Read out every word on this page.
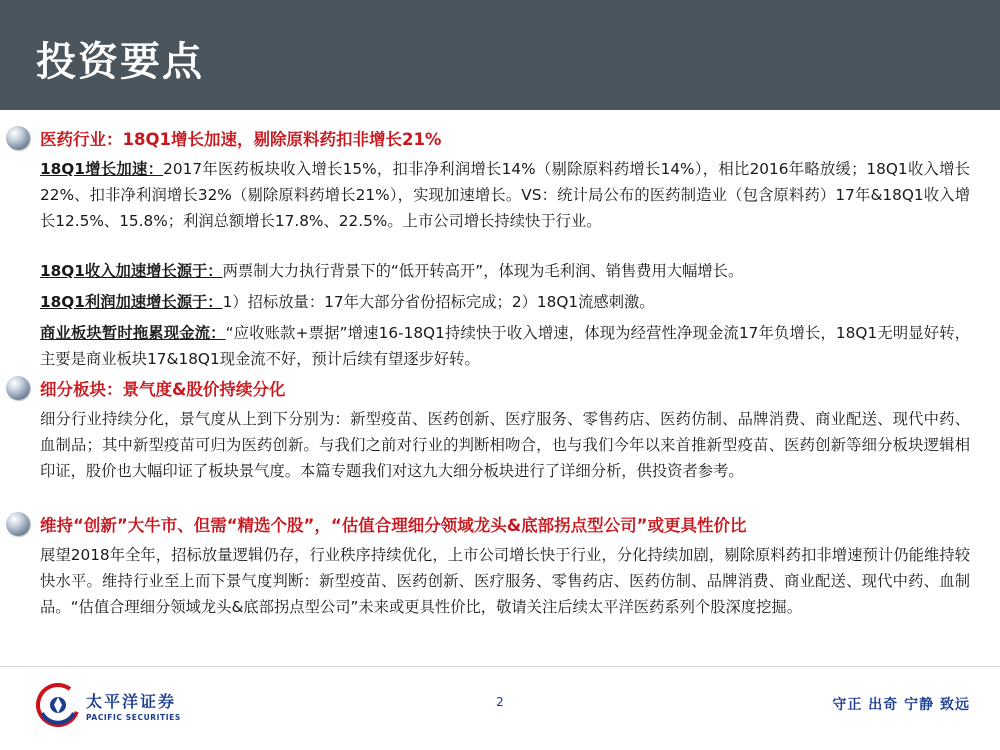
投资要点
医药行业：18Q1增长加速，剔除原料药扣非增长21%
18Q1增长加速：2017年医药板块收入增长15%，扣非净利润增长14%（剔除原料药增长14%），相比2016年略放缓；18Q1收入增长22%、扣非净利润增长32%（剔除原料药增长21%），实现加速增长。VS：统计局公布的医药制造业（包含原料药）17年&18Q1收入增长12.5%、15.8%；利润总额增长17.8%、22.5%。上市公司增长持续快于行业。
18Q1收入加速增长源于：两票制大力执行背景下的“低开转高开”，体现为毛利润、销售费用大幅增长。
18Q1利润加速增长源于：1）招标放量：17年大部分省份招标完成；2）18Q1流感刺激。
商业板块暂时拖累现金流：“应收账款+票据”增速16-18Q1持续快于收入增速，体现为经营性净现金流17年负增长，18Q1无明显好转，主要是商业板块17&18Q1现金流不好，预计后续有望逐步好转。
细分板块：景气度&股价持续分化
细分行业持续分化，景气度从上到下分别为：新型疫苗、医药创新、医疗服务、零售药店、医药仿制、品牌消费、商业配送、现代中药、血制品；其中新型疫苗可归为医药创新。与我们之前对行业的判断相吻合，也与我们今年以来首推新型疫苗、医药创新等细分板块逻辑相印证，股价也大幅印证了板块景气度。本篇专题我们对这九大细分板块进行了详细分析，供投资者参考。
维持“创新”大牛市、但需“精选个股”，“估值合理细分领域龙头&底部拐点型公司”或更具性价比
展望2018年全年，招标放量逻辑仍存，行业秩序持续优化，上市公司增长快于行业，分化持续加剧，剔除原料药扣非增速预计仍能维持较快水平。维持行业至上而下景气度判断：新型疫苗、医药创新、医疗服务、零售药店、医药仿制、品牌消费、商业配送、现代中药、血制品。“估值合理细分领域龙头&底部拐点型公司”未来或更具性价比，敬请关注后续太平洋医药系列个股深度挖掘。
太平洋证券
PACIFIC SECURITIES
2	守正 出奇 宁静 致远
